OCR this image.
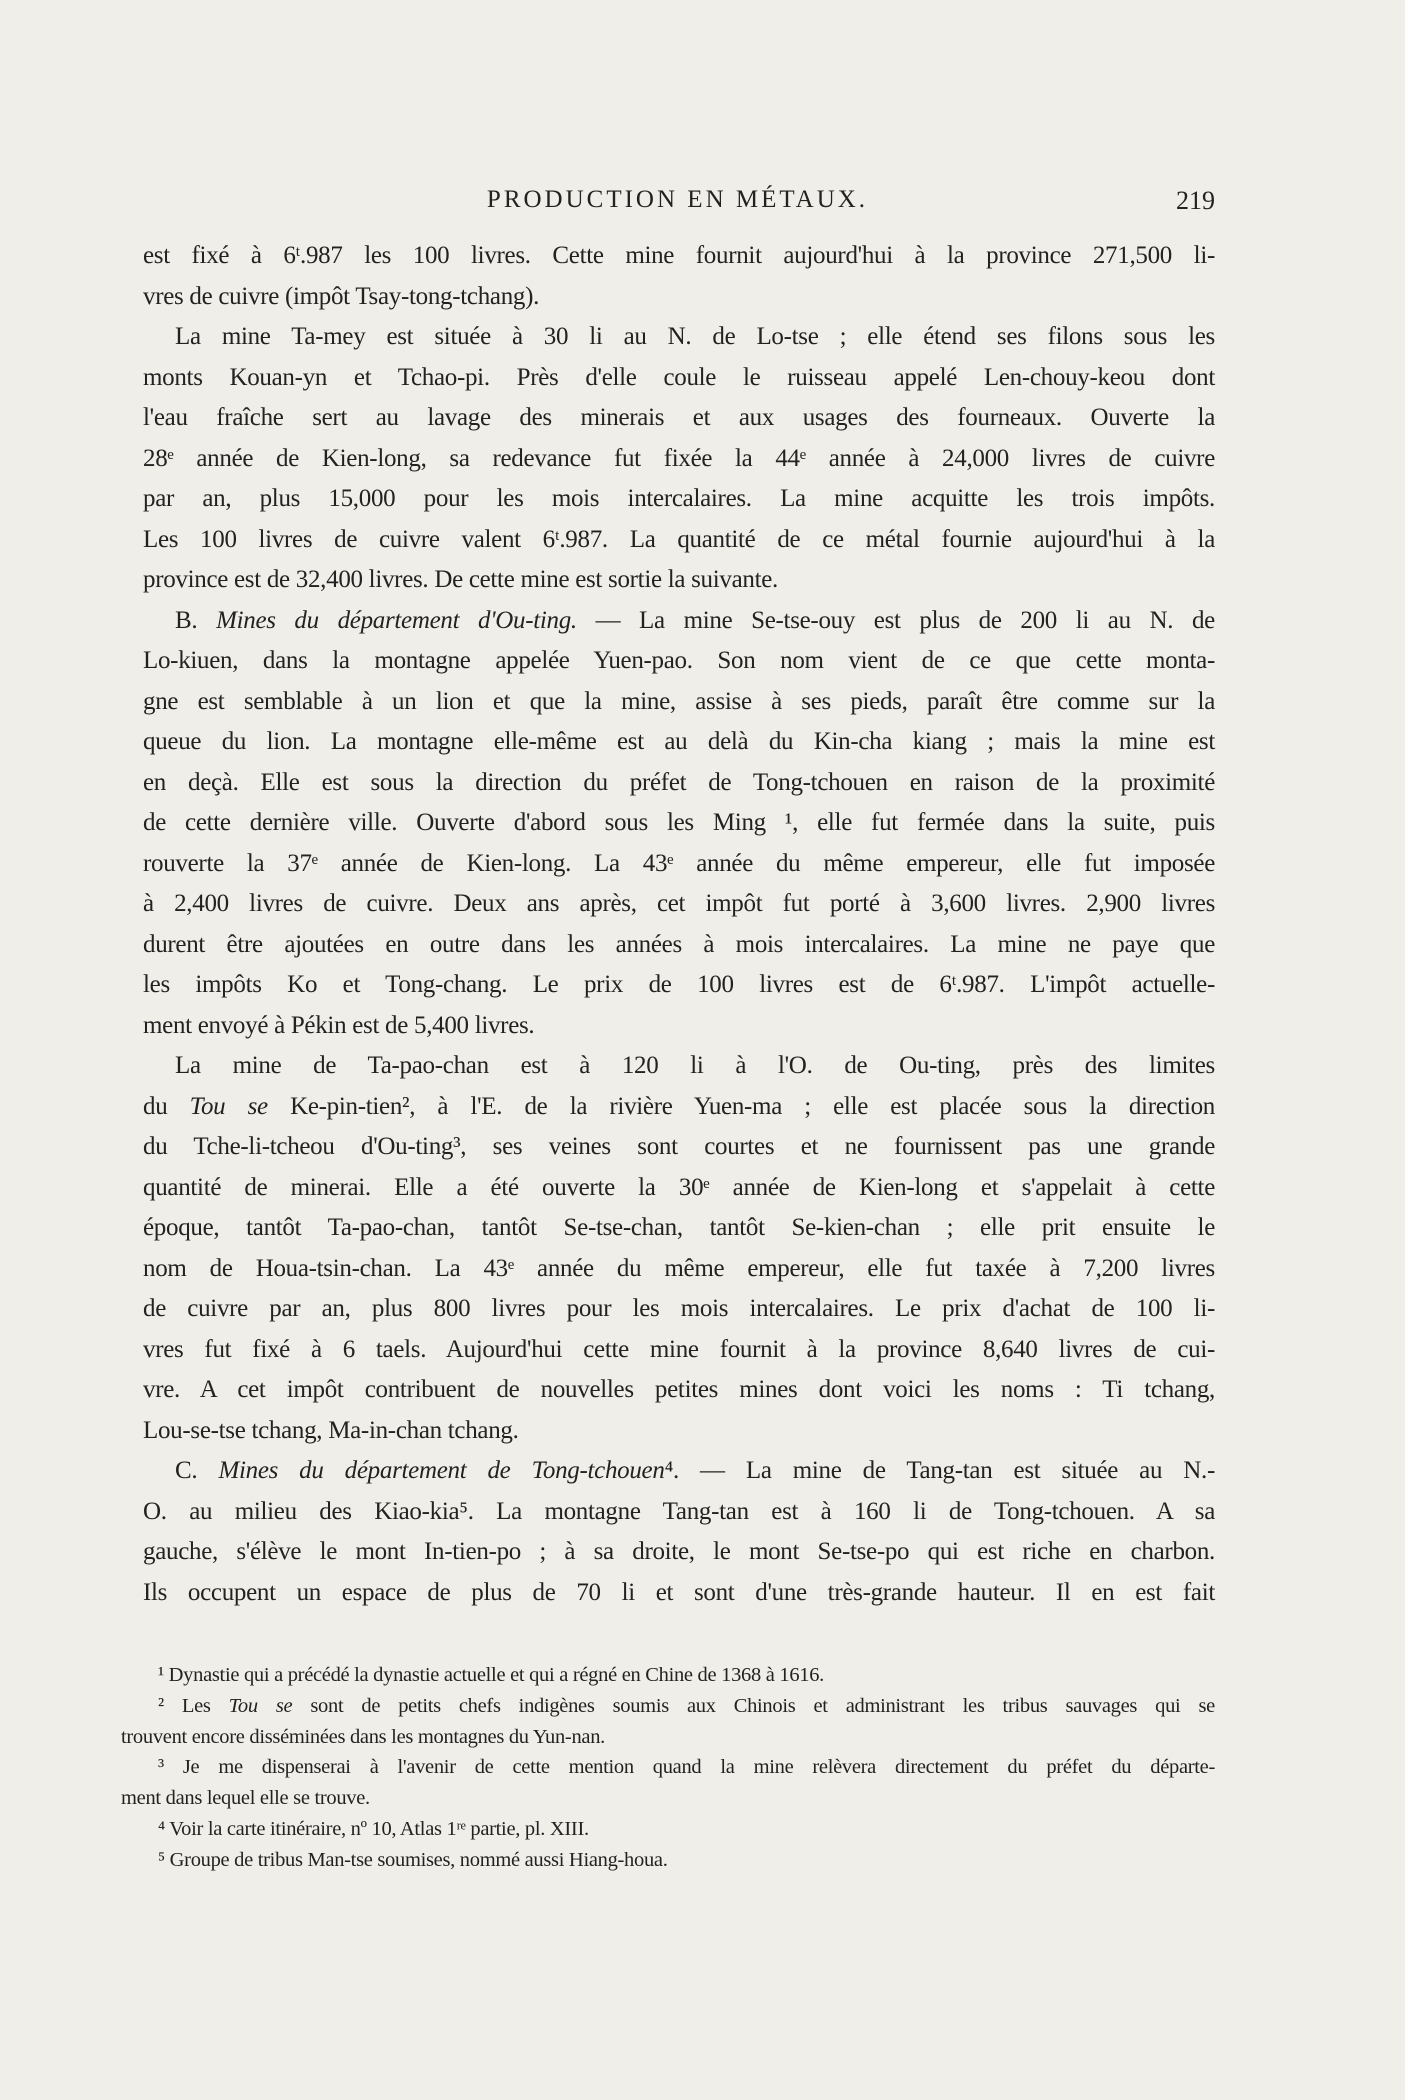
PRODUCTION EN MÉTAUX.	219
est fixé à 6ᵗ.987 les 100 livres. Cette mine fournit aujourd'hui à la province 271,500 li-
vres de cuivre (impôt Tsay-tong-tchang).
La mine Ta-mey est située à 30 li au N. de Lo-tse ; elle étend ses filons sous les
monts Kouan-yn et Tchao-pi. Près d'elle coule le ruisseau appelé Len-chouy-keou dont
l'eau fraîche sert au lavage des minerais et aux usages des fourneaux. Ouverte la
28ᵉ année de Kien-long, sa redevance fut fixée la 44ᵉ année à 24,000 livres de cuivre
par an, plus 15,000 pour les mois intercalaires. La mine acquitte les trois impôts.
Les 100 livres de cuivre valent 6ᵗ.987. La quantité de ce métal fournie aujourd'hui à la
province est de 32,400 livres. De cette mine est sortie la suivante.
B. Mines du département d'Ou-ting. — La mine Se-tse-ouy est plus de 200 li au N. de
Lo-kiuen, dans la montagne appelée Yuen-pao. Son nom vient de ce que cette monta-
gne est semblable à un lion et que la mine, assise à ses pieds, paraît être comme sur la
queue du lion. La montagne elle-même est au delà du Kin-cha kiang ; mais la mine est
en deçà. Elle est sous la direction du préfet de Tong-tchouen en raison de la proximité
de cette dernière ville. Ouverte d'abord sous les Ming ¹, elle fut fermée dans la suite, puis
rouverte la 37ᵉ année de Kien-long. La 43ᵉ année du même empereur, elle fut imposée
à 2,400 livres de cuivre. Deux ans après, cet impôt fut porté à 3,600 livres. 2,900 livres
durent être ajoutées en outre dans les années à mois intercalaires. La mine ne paye que
les impôts Ko et Tong-chang. Le prix de 100 livres est de 6ᵗ.987. L'impôt actuelle-
ment envoyé à Pékin est de 5,400 livres.
La mine de Ta-pao-chan est à 120 li à l'O. de Ou-ting, près des limites
du Tou se Ke-pin-tien², à l'E. de la rivière Yuen-ma ; elle est placée sous la direction
du Tche-li-tcheou d'Ou-ting³, ses veines sont courtes et ne fournissent pas une grande
quantité de minerai. Elle a été ouverte la 30ᵉ année de Kien-long et s'appelait à cette
époque, tantôt Ta-pao-chan, tantôt Se-tse-chan, tantôt Se-kien-chan ; elle prit ensuite le
nom de Houa-tsin-chan. La 43ᵉ année du même empereur, elle fut taxée à 7,200 livres
de cuivre par an, plus 800 livres pour les mois intercalaires. Le prix d'achat de 100 li-
vres fut fixé à 6 taels. Aujourd'hui cette mine fournit à la province 8,640 livres de cui-
vre. A cet impôt contribuent de nouvelles petites mines dont voici les noms : Ti tchang,
Lou-se-tse tchang, Ma-in-chan tchang.
C. Mines du département de Tong-tchouen⁴. — La mine de Tang-tan est située au N.-
O. au milieu des Kiao-kia⁵. La montagne Tang-tan est à 160 li de Tong-tchouen. A sa
gauche, s'élève le mont In-tien-po ; à sa droite, le mont Se-tse-po qui est riche en charbon.
Ils occupent un espace de plus de 70 li et sont d'une très-grande hauteur. Il en est fait
¹ Dynastie qui a précédé la dynastie actuelle et qui a régné en Chine de 1368 à 1616.
² Les Tou se sont de petits chefs indigènes soumis aux Chinois et administrant les tribus sauvages qui se
trouvent encore disséminées dans les montagnes du Yun-nan.
³ Je me dispenserai à l'avenir de cette mention quand la mine relèvera directement du préfet du départe-
ment dans lequel elle se trouve.
⁴ Voir la carte itinéraire, nº 10, Atlas 1ʳᵉ partie, pl. XIII.
⁵ Groupe de tribus Man-tse soumises, nommé aussi Hiang-houa.
